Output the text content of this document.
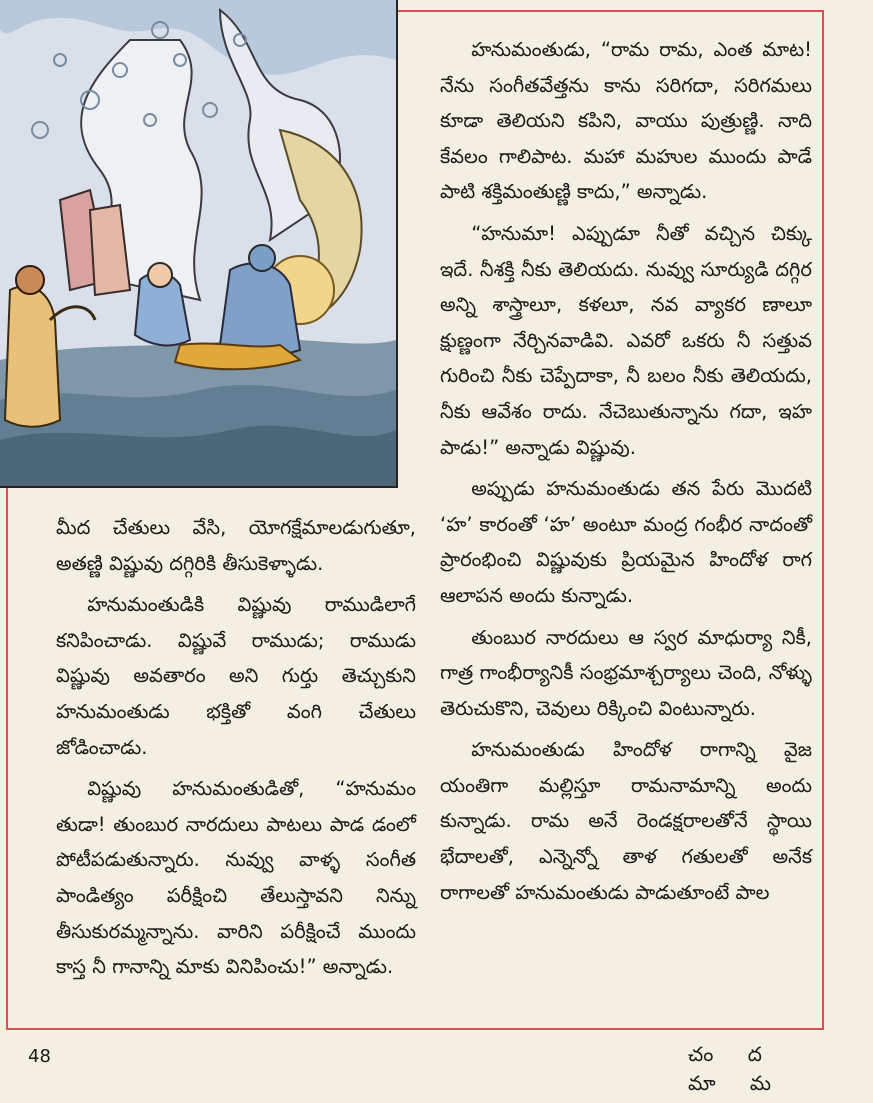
హనుమంతుడు, “రామ రామ, ఎంత మాట! నేను సంగీతవేత్తను కాను సరిగదా, సరిగమలు కూడా తెలియని కపిని, వాయు పుత్రుణ్ణి. నాది కేవలం గాలిపాట. మహా మహుల ముందు పాడే పాటి శక్తిమంతుణ్ణి కాదు,” అన్నాడు.

“హనుమా! ఎప్పుడూ నీతో వచ్చిన చిక్కు ఇదే. నీశక్తి నీకు తెలియదు. నువ్వు సూర్యుడి దగ్గిర అన్ని శాస్త్రాలూ, కళలూ, నవ వ్యాకర ణాలూ క్షుణ్ణంగా నేర్చినవాడివి. ఎవరో ఒకరు నీ సత్తువ గురించి నీకు చెప్పేదాకా, నీ బలం నీకు తెలియదు, నీకు ఆవేశం రాదు. నేచెబుతున్నాను గదా, ఇహ పాడు!” అన్నాడు విష్ణువు.

అప్పుడు హనుమంతుడు తన పేరు మొదటి ‘హ’ కారంతో ‘హ’ అంటూ మంద్ర గంభీర నాదంతో ప్రారంభించి విష్ణువుకు ప్రియమైన హిందోళ రాగ ఆలాపన అందు కున్నాడు.

తుంబుర నారదులు ఆ స్వర మాధుర్యా నికీ, గాత్ర గాంభీర్యానికీ సంభ్రమాశ్చర్యాలు చెంది, నోళ్ళు తెరుచుకొని, చెవులు రిక్కించి వింటున్నారు.

హనుమంతుడు హిందోళ రాగాన్ని వైజ యంతిగా మల్లిస్తూ రామనామాన్ని అందు కున్నాడు. రామ అనే రెండక్షరాలతోనే స్థాయి భేదాలతో, ఎన్నెన్నో తాళ గతులతో అనేక రాగాలతో హనుమంతుడు పాడుతూంటే పాల

మీద చేతులు వేసి, యోగక్షేమాలడుగుతూ, అతణ్ణి విష్ణువు దగ్గిరికి తీసుకెళ్ళాడు.

హనుమంతుడికి విష్ణువు రాముడిలాగే కనిపించాడు. విష్ణువే రాముడు; రాముడు విష్ణువు అవతారం అని గుర్తు తెచ్చుకుని హనుమంతుడు భక్తితో వంగి చేతులు జోడించాడు.

విష్ణువు హనుమంతుడితో, “హనుమం తుడా! తుంబుర నారదులు పాటలు పాడ డంలో పోటీపడుతున్నారు. నువ్వు వాళ్ళ సంగీత పాండిత్యం పరీక్షించి తేలుస్తావని నిన్ను తీసుకురమ్మన్నాను. వారిని పరీక్షించే ముందు కాస్త నీ గానాన్ని మాకు వినిపించు!” అన్నాడు.

48	చం ద మా మ
